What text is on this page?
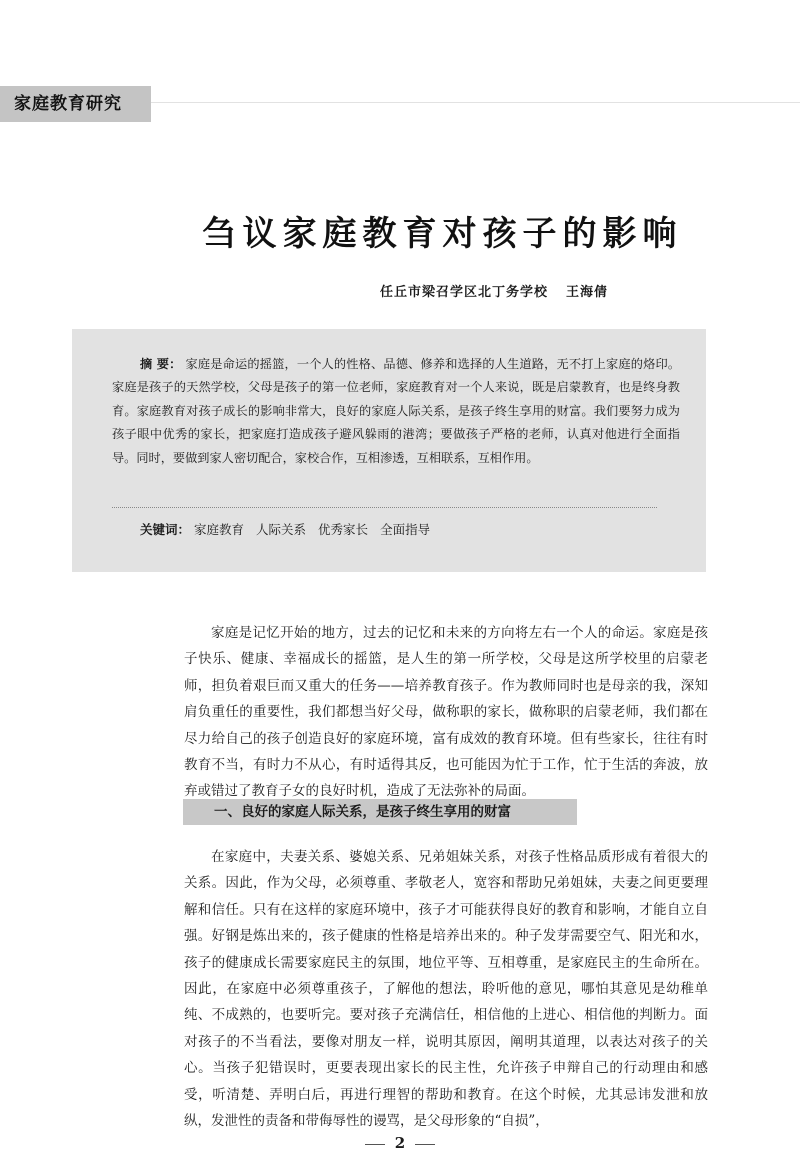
家庭教育研究
刍议家庭教育对孩子的影响
任丘市梁召学区北丁务学校 王海倩
摘 要： 家庭是命运的摇篮，一个人的性格、品德、修养和选择的人生道路，无不打上家庭的烙印。家庭是孩子的天然学校，父母是孩子的第一位老师，家庭教育对一个人来说，既是启蒙教育，也是终身教育。家庭教育对孩子成长的影响非常大，良好的家庭人际关系，是孩子终生享用的财富。我们要努力成为孩子眼中优秀的家长，把家庭打造成孩子避风躲雨的港湾；要做孩子严格的老师，认真对他进行全面指导。同时，要做到家人密切配合，家校合作，互相渗透，互相联系，互相作用。
关键词： 家庭教育 人际关系 优秀家长 全面指导
家庭是记忆开始的地方，过去的记忆和未来的方向将左右一个人的命运。家庭是孩子快乐、健康、幸福成长的摇篮，是人生的第一所学校，父母是这所学校里的启蒙老师，担负着艰巨而又重大的任务——培养教育孩子。作为教师同时也是母亲的我，深知肩负重任的重要性，我们都想当好父母，做称职的家长，做称职的启蒙老师，我们都在尽力给自己的孩子创造良好的家庭环境，富有成效的教育环境。但有些家长，往往有时教育不当，有时力不从心，有时适得其反，也可能因为忙于工作，忙于生活的奔波，放弃或错过了教育子女的良好时机，造成了无法弥补的局面。
一、良好的家庭人际关系，是孩子终生享用的财富
在家庭中，夫妻关系、婆媳关系、兄弟姐妹关系，对孩子性格品质形成有着很大的关系。因此，作为父母，必须尊重、孝敬老人，宽容和帮助兄弟姐妹，夫妻之间更要理解和信任。只有在这样的家庭环境中，孩子才可能获得良好的教育和影响，才能自立自强。好钢是炼出来的，孩子健康的性格是培养出来的。种子发芽需要空气、阳光和水，孩子的健康成长需要家庭民主的氛围，地位平等、互相尊重，是家庭民主的生命所在。因此，在家庭中必须尊重孩子，了解他的想法，聆听他的意见，哪怕其意见是幼稚单纯、不成熟的，也要听完。要对孩子充满信任，相信他的上进心、相信他的判断力。面对孩子的不当看法，要像对朋友一样，说明其原因，阐明其道理，以表达对孩子的关心。当孩子犯错误时，更要表现出家长的民主性，允许孩子申辩自己的行动理由和感受，听清楚、弄明白后，再进行理智的帮助和教育。在这个时候，尤其忌讳发泄和放纵，发泄性的责备和带侮辱性的谩骂，是父母形象的“自损”，
2
